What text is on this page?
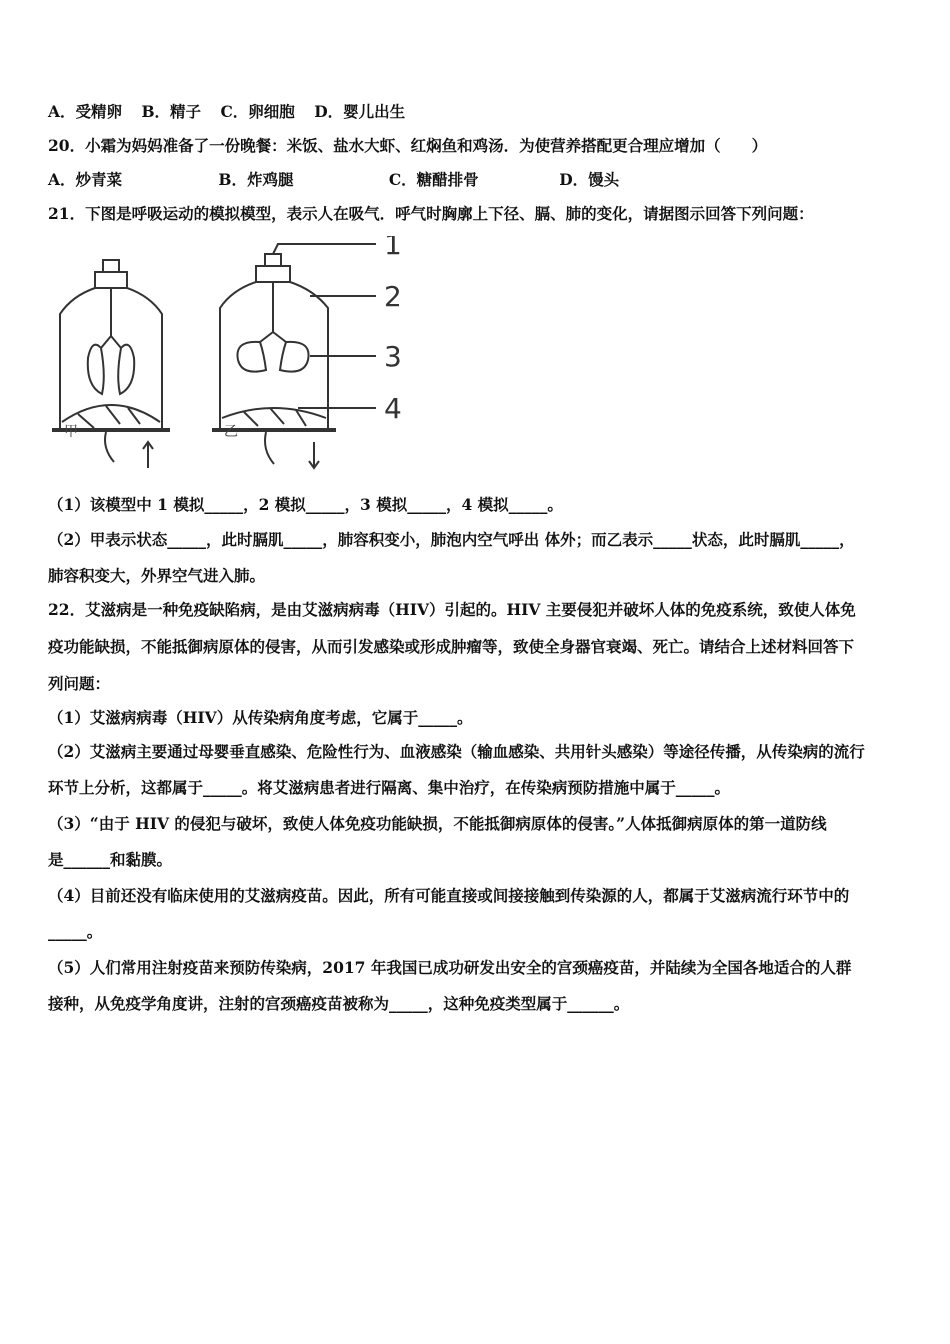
A．受精卵 B．精子 C．卵细胞 D．婴儿出生
20．小霜为妈妈准备了一份晚餐：米饭、盐水大虾、红焖鱼和鸡汤．为使营养搭配更合理应增加（　　）
A．炒青菜	B．炸鸡腿	C．糖醋排骨	D．馒头
21．下图是呼吸运动的模拟模型，表示人在吸气．呼气时胸廓上下径、膈、肺的变化，请据图示回答下列问题：
甲	乙
1
2
3
4
（1）该模型中 1 模拟_____，2 模拟_____，3 模拟_____，4 模拟_____。
（2）甲表示状态_____，此时膈肌_____，肺容积变小，肺泡内空气呼出 体外；而乙表示_____状态，此时膈肌_____，
肺容积变大，外界空气进入肺。
22．艾滋病是一种免疫缺陷病，是由艾滋病病毒（HIV）引起的。HIV 主要侵犯并破坏人体的免疫系统，致使人体免
疫功能缺损，不能抵御病原体的侵害，从而引发感染或形成肿瘤等，致使全身器官衰竭、死亡。请结合上述材料回答下
列问题：
（1）艾滋病病毒（HIV）从传染病角度考虑，它属于_____。
（2）艾滋病主要通过母婴垂直感染、危险性行为、血液感染（输血感染、共用针头感染）等途径传播，从传染病的流行
环节上分析，这都属于_____。将艾滋病患者进行隔离、集中治疗，在传染病预防措施中属于_____。
（3）“由于 HIV 的侵犯与破坏，致使人体免疫功能缺损，不能抵御病原体的侵害。”人体抵御病原体的第一道防线
是______和黏膜。
（4）目前还没有临床使用的艾滋病疫苗。因此，所有可能直接或间接接触到传染源的人，都属于艾滋病流行环节中的
_____。
（5）人们常用注射疫苗来预防传染病，2017 年我国已成功研发出安全的宫颈癌疫苗，并陆续为全国各地适合的人群
接种，从免疫学角度讲，注射的宫颈癌疫苗被称为_____，这种免疫类型属于______。
